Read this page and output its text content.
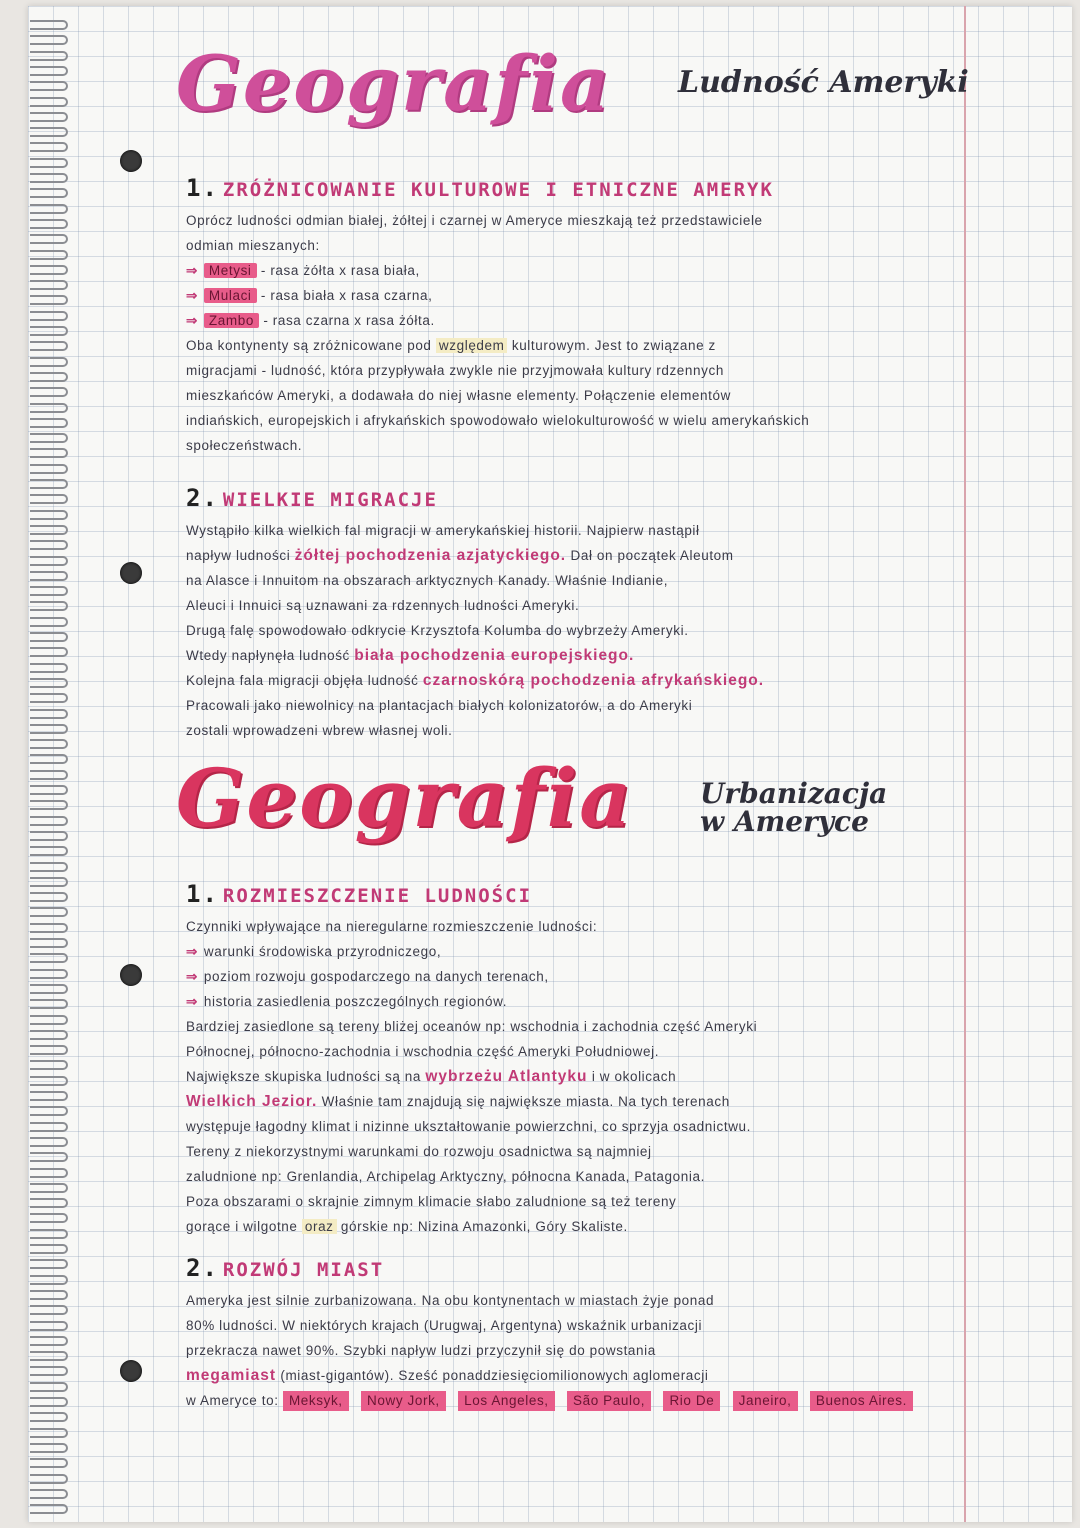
Geografia Ludność Ameryki
1. ZRÓŻNICOWANIE KULTUROWE I ETNICZNE AMERYK

Oprócz ludności odmian białej, żółtej i czarnej w Ameryce mieszkają też przedstawiciele

odmian mieszanych:

⇒ Metysi - rasa żółta x rasa biała,
⇒ Mulaci - rasa biała x rasa czarna,
⇒ Zambo - rasa czarna x rasa żółta.

Oba kontynenty są zróżnicowane pod względem kulturowym. Jest to związane z

migracjami - ludność, która przypływała zwykle nie przyjmowała kultury rdzennych

mieszkańców Ameryki, a dodawała do niej własne elementy. Połączenie elementów

indiańskich, europejskich i afrykańskich spowodowało wielokulturowość w wielu amerykańskich

społeczeństwach.

2. WIELKIE MIGRACJE

Wystąpiło kilka wielkich fal migracji w amerykańskiej historii. Najpierw nastąpił

napływ ludności żółtej pochodzenia azjatyckiego. Dał on początek Aleutom

na Alasce i Innuitom na obszarach arktycznych Kanady. Właśnie Indianie,

Aleuci i Innuici są uznawani za rdzennych ludności Ameryki.

Drugą falę spowodowało odkrycie Krzysztofa Kolumba do wybrzeży Ameryki.

Wtedy napłynęła ludność biała pochodzenia europejskiego.

Kolejna fala migracji objęła ludność czarnoskórą pochodzenia afrykańskiego.

Pracowali jako niewolnicy na plantacjach białych kolonizatorów, a do Ameryki

zostali wprowadzeni wbrew własnej woli.

Geografia Urbanizacja
w Ameryce
1. ROZMIESZCZENIE LUDNOŚCI

Czynniki wpływające na nieregularne rozmieszczenie ludności:

⇒ warunki środowiska przyrodniczego,
⇒ poziom rozwoju gospodarczego na danych terenach,
⇒ historia zasiedlenia poszczególnych regionów.

Bardziej zasiedlone są tereny bliżej oceanów np: wschodnia i zachodnia część Ameryki

Północnej, północno-zachodnia i wschodnia część Ameryki Południowej.

Największe skupiska ludności są na wybrzeżu Atlantyku i w okolicach

Wielkich Jezior. Właśnie tam znajdują się największe miasta. Na tych terenach

występuje łagodny klimat i nizinne ukształtowanie powierzchni, co sprzyja osadnictwu.

Tereny z niekorzystnymi warunkami do rozwoju osadnictwa są najmniej

zaludnione np: Grenlandia, Archipelag Arktyczny, północna Kanada, Patagonia.

Poza obszarami o skrajnie zimnym klimacie słabo zaludnione są też tereny

gorące i wilgotne oraz górskie np: Nizina Amazonki, Góry Skaliste.

2. ROZWÓJ MIAST

Ameryka jest silnie zurbanizowana. Na obu kontynentach w miastach żyje ponad

80% ludności. W niektórych krajach (Urugwaj, Argentyna) wskaźnik urbanizacji

przekracza nawet 90%. Szybki napływ ludzi przyczynił się do powstania

megamiast (miast-gigantów). Sześć ponaddziesięciomilionowych aglomeracji

w Ameryce to: Meksyk, Nowy Jork, Los Angeles, São Paulo, Rio De Janeiro, Buenos Aires.
